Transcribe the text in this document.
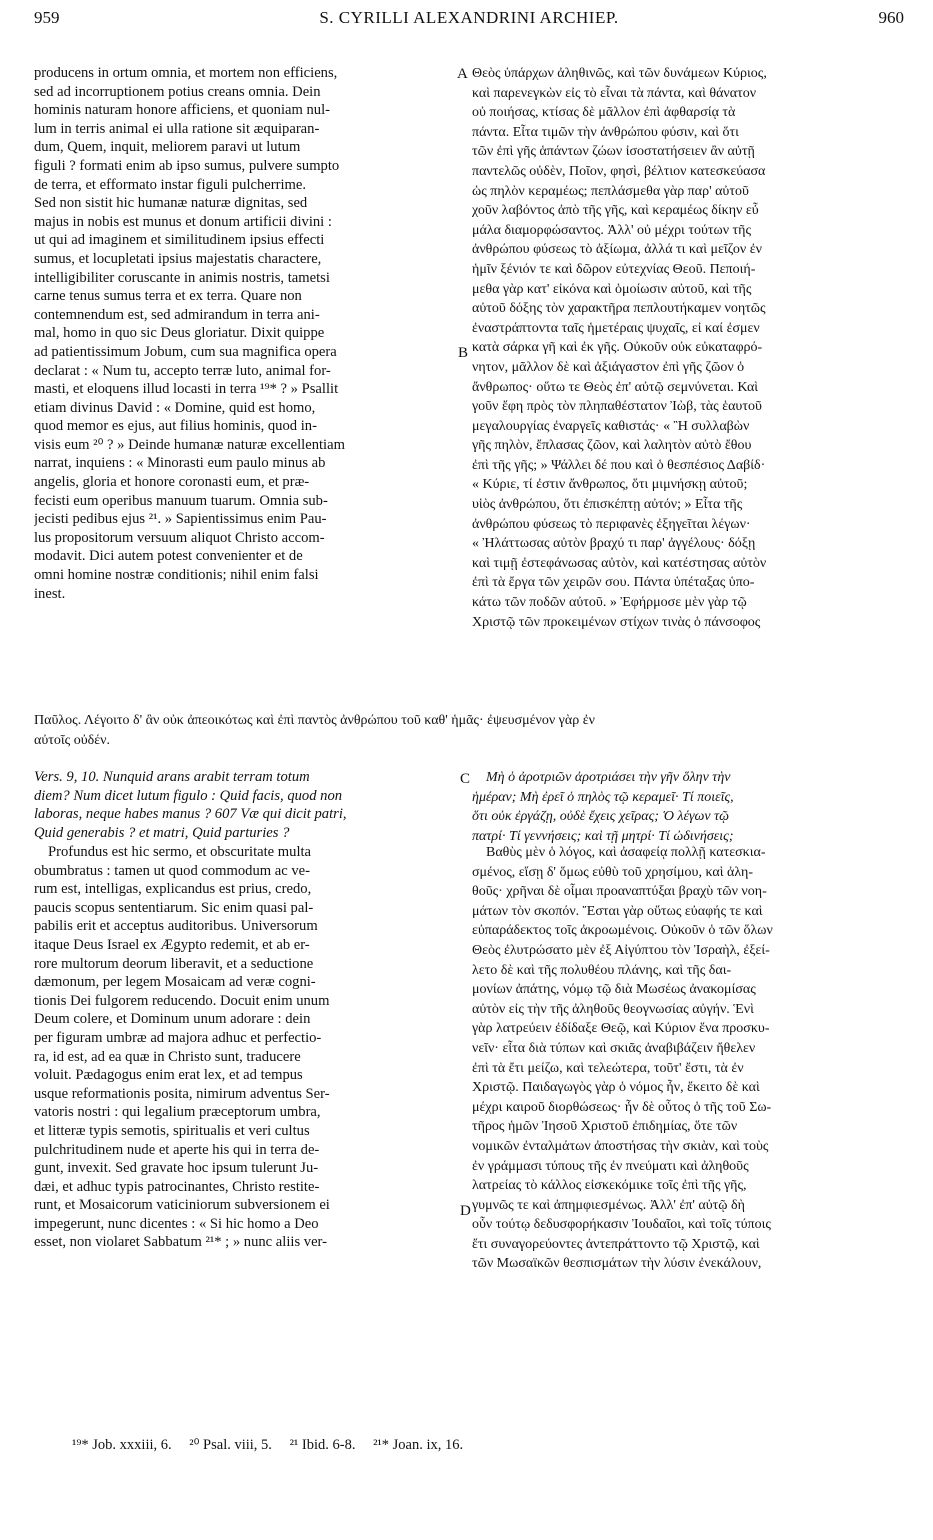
959	S. CYRILLI ALEXANDRINI ARCHIEP.	960
producens in ortum omnia, et mortem non efficiens,
sed ad incorruptionem potius creans omnia. Dein
hominis naturam honore afficiens, et quoniam nul-
lum in terris animal ei ulla ratione sit æquiparan-
dum, Quem, inquit, meliorem paravi ut lutum
figuli ? formati enim ab ipso sumus, pulvere sumpto
de terra, et efformato instar figuli pulcherrime.
Sed non sistit hic humanæ naturæ dignitas, sed
majus in nobis est munus et donum artificii divini :
ut qui ad imaginem et similitudinem ipsius effecti
sumus, et locupletati ipsius majestatis charactere,
intelligibiliter coruscante in animis nostris, tametsi
carne tenus sumus terra et ex terra. Quare non
contemnendum est, sed admirandum in terra ani-
mal, homo in quo sic Deus gloriatur. Dixit quippe
ad patientissimum Jobum, cum sua magnifica opera
declarat : « Num tu, accepto terræ luto, animal for-
masti, et eloquens illud locasti in terra ¹⁹* ? » Psallit
etiam divinus David : « Domine, quid est homo,
quod memor es ejus, aut filius hominis, quod in-
visis eum ²⁰ ? » Deinde humanæ naturæ excellentiam
narrat, inquiens : « Minorasti eum paulo minus ab
angelis, gloria et honore coronasti eum, et præ-
fecisti eum operibus manuum tuarum. Omnia sub-
jecisti pedibus ejus ²¹. » Sapientissimus enim Pau-
lus propositorum versuum aliquot Christo accom-
modavit. Dici autem potest convenienter et de
omni homine nostræ conditionis; nihil enim falsi
inest.
Θεὸς ὑπάρχων ἀληθινῶς, καὶ τῶν δυνάμεων Κύριος,
καὶ παρενεγκὼν εἰς τὸ εἶναι τὰ πάντα, καὶ θάνατον
οὐ ποιήσας, κτίσας δὲ μᾶλλον ἐπὶ ἀφθαρσίᾳ τὰ
πάντα. Εἶτα τιμῶν τὴν ἀνθρώπου φύσιν, καὶ ὅτι
τῶν ἐπὶ γῆς ἁπάντων ζώων ἰσοστατήσειεν ἂν αὐτῇ
παντελῶς οὐδὲν, Ποῖον, φησὶ, βέλτιον κατεσκεύασα
ὡς πηλὸν κεραμέως; πεπλάσμεθα γὰρ παρ' αὐτοῦ
χοῦν λαβόντος ἀπὸ τῆς γῆς, καὶ κεραμέως δίκην εὖ
μάλα διαμορφώσαντος. Ἀλλ' οὐ μέχρι τούτων τῆς
ἀνθρώπου φύσεως τὸ ἀξίωμα, ἀλλά τι καὶ μεῖζον ἐν
ἡμῖν ξένιόν τε καὶ δῶρον εὐτεχνίας Θεοῦ. Πεποιή-
μεθα γὰρ κατ' εἰκόνα καὶ ὁμοίωσιν αὐτοῦ, καὶ τῆς
αὐτοῦ δόξης τὸν χαρακτῆρα πεπλουτήκαμεν νοητῶς
ἐναστράπτοντα ταῖς ἡμετέραις ψυχαῖς, εἰ καί ἐσμεν
κατὰ σάρκα γῆ καὶ ἐκ γῆς. Οὐκοῦν οὐκ εὐκαταφρό-
νητον, μᾶλλον δὲ καὶ ἀξιάγαστον ἐπὶ γῆς ζῶον ὁ
ἄνθρωπος· οὕτω τε Θεὸς ἐπ' αὐτῷ σεμνύνεται. Καὶ
γοῦν ἔφη πρὸς τὸν πληπαθέστατον Ἰὼβ, τὰς ἑαυτοῦ
μεγαλουργίας ἐναργεῖς καθιστάς· « Ἢ συλλαβὼν
γῆς πηλὸν, ἔπλασας ζῶον, καὶ λαλητὸν αὐτὸ ἔθου
ἐπὶ τῆς γῆς; » Ψάλλει δέ που καὶ ὁ θεσπέσιος Δαβίδ·
« Κύριε, τί ἐστιν ἄνθρωπος, ὅτι μιμνήσκῃ αὐτοῦ;
υἱὸς ἀνθρώπου, ὅτι ἐπισκέπτῃ αὐτόν; » Εἶτα τῆς
ἀνθρώπου φύσεως τὸ περιφανὲς ἐξηγεῖται λέγων·
« Ἠλάττωσας αὐτὸν βραχύ τι παρ' ἀγγέλους· δόξῃ
καὶ τιμῇ ἐστεφάνωσας αὐτὸν, καὶ κατέστησας αὐτὸν
ἐπὶ τὰ ἔργα τῶν χειρῶν σου. Πάντα ὑπέταξας ὑπο-
κάτω τῶν ποδῶν αὐτοῦ. » Ἐφήρμοσε μὲν γὰρ τῷ
Χριστῷ τῶν προκειμένων στίχων τινὰς ὁ πάνσοφος
Παῦλος. Λέγοιτο δ' ἂν οὐκ ἀπεοικότως καὶ ἐπὶ παντὸς ἀνθρώπου τοῦ καθ' ἡμᾶς· ἐψευσμένον γὰρ ἐν
αὐτοῖς οὐδέν.
Vers. 9, 10. Nunquid arans arabit terram totum
diem? Num dicet lutum figulo : Quid facis, quod non
laboras, neque habes manus ? 607 Væ qui dicit patri,
Quid generabis ? et matri, Quid parturies ?
Μὴ ὁ ἀροτριῶν ἀροτριάσει τὴν γῆν ὅλην τὴν
ἡμέραν; Μὴ ἐρεῖ ὁ πηλὸς τῷ κεραμεῖ· Τί ποιεῖς,
ὅτι οὐκ ἐργάζῃ, οὐδὲ ἔχεις χεῖρας; Ὁ λέγων τῷ
πατρί· Τί γεννήσεις; καὶ τῇ μητρί· Τί ὠδινήσεις;
Profundus est hic sermo, et obscuritate multa
obumbratus : tamen ut quod commodum ac ve-
rum est, intelligas, explicandus est prius, credo,
paucis scopus sententiarum. Sic enim quasi pal-
pabilis erit et acceptus auditoribus. Universorum
itaque Deus Israel ex Ægypto redemit, et ab er-
rore multorum deorum liberavit, et a seductione
dæmonum, per legem Mosaicam ad veræ cogni-
tionis Dei fulgorem reducendo. Docuit enim unum
Deum colere, et Dominum unum adorare : dein
per figuram umbræ ad majora adhuc et perfectio-
ra, id est, ad ea quæ in Christo sunt, traducere
voluit. Pædagogus enim erat lex, et ad tempus
usque reformationis posita, nimirum adventus Ser-
vatoris nostri : qui legalium præceptorum umbra,
et litteræ typis semotis, spiritualis et veri cultus
pulchritudinem nude et aperte his qui in terra de-
gunt, invexit. Sed gravate hoc ipsum tulerunt Ju-
dæi, et adhuc typis patrocinantes, Christo restite-
runt, et Mosaicorum vaticiniorum subversionem ei
impegerunt, nunc dicentes : « Si hic homo a Deo
esset, non violaret Sabbatum ²¹* ; » nunc aliis ver-
Βαθὺς μὲν ὁ λόγος, καὶ ἀσαφείᾳ πολλῇ κατεσκια-
σμένος, εἴσῃ δ' ὅμως εὐθὺ τοῦ χρησίμου, καὶ ἀλη-
θοῦς· χρῆναι δὲ οἶμαι προαναπτύξαι βραχὺ τῶν νοη-
μάτων τὸν σκοπόν. Ἔσται γὰρ οὕτως εὐαφής τε καὶ
εὐπαράδεκτος τοῖς ἀκροωμένοις. Οὐκοῦν ὁ τῶν ὅλων
Θεὸς ἐλυτρώσατο μὲν ἐξ Αἰγύπτου τὸν Ἰσραὴλ, ἐξεί-
λετο δὲ καὶ τῆς πολυθέου πλάνης, καὶ τῆς δαι-
μονίων ἀπάτης, νόμῳ τῷ διὰ Μωσέως ἀνακομίσας
αὐτὸν εἰς τὴν τῆς ἀληθοῦς θεογνωσίας αὐγήν. Ἑνὶ
γὰρ λατρεύειν ἐδίδαξε Θεῷ, καὶ Κύριον ἕνα προσκυ-
νεῖν· εἶτα διὰ τύπων καὶ σκιᾶς ἀναβιβάζειν ἤθελεν
ἐπὶ τὰ ἔτι μείζω, καὶ τελεώτερα, τοῦτ' ἔστι, τὰ ἐν
Χριστῷ. Παιδαγωγὸς γὰρ ὁ νόμος ἦν, ἔκειτο δὲ καὶ
μέχρι καιροῦ διορθώσεως· ἦν δὲ οὗτος ὁ τῆς τοῦ Σω-
τῆρος ἡμῶν Ἰησοῦ Χριστοῦ ἐπιδημίας, ὅτε τῶν
νομικῶν ἐνταλμάτων ἀποστήσας τὴν σκιὰν, καὶ τοὺς
ἐν γράμμασι τύπους τῆς ἐν πνεύματι καὶ ἀληθοῦς
λατρείας τὸ κάλλος εἰσκεκόμικε τοῖς ἐπὶ τῆς γῆς,
γυμνῶς τε καὶ ἀπημφιεσμένως. Ἀλλ' ἐπ' αὐτῷ δὴ
οὖν τούτῳ δεδυσφορήκασιν Ἰουδαῖοι, καὶ τοῖς τύποις
ἔτι συναγορεύοντες ἀντεπράττοντο τῷ Χριστῷ, καὶ
τῶν Μωσαϊκῶν θεσπισμάτων τὴν λύσιν ἐνεκάλουν,
A
B
C
D
¹⁹* Job. xxxiii, 6. ²⁰ Psal. viii, 5. ²¹ Ibid. 6-8. ²¹* Joan. ix, 16.
